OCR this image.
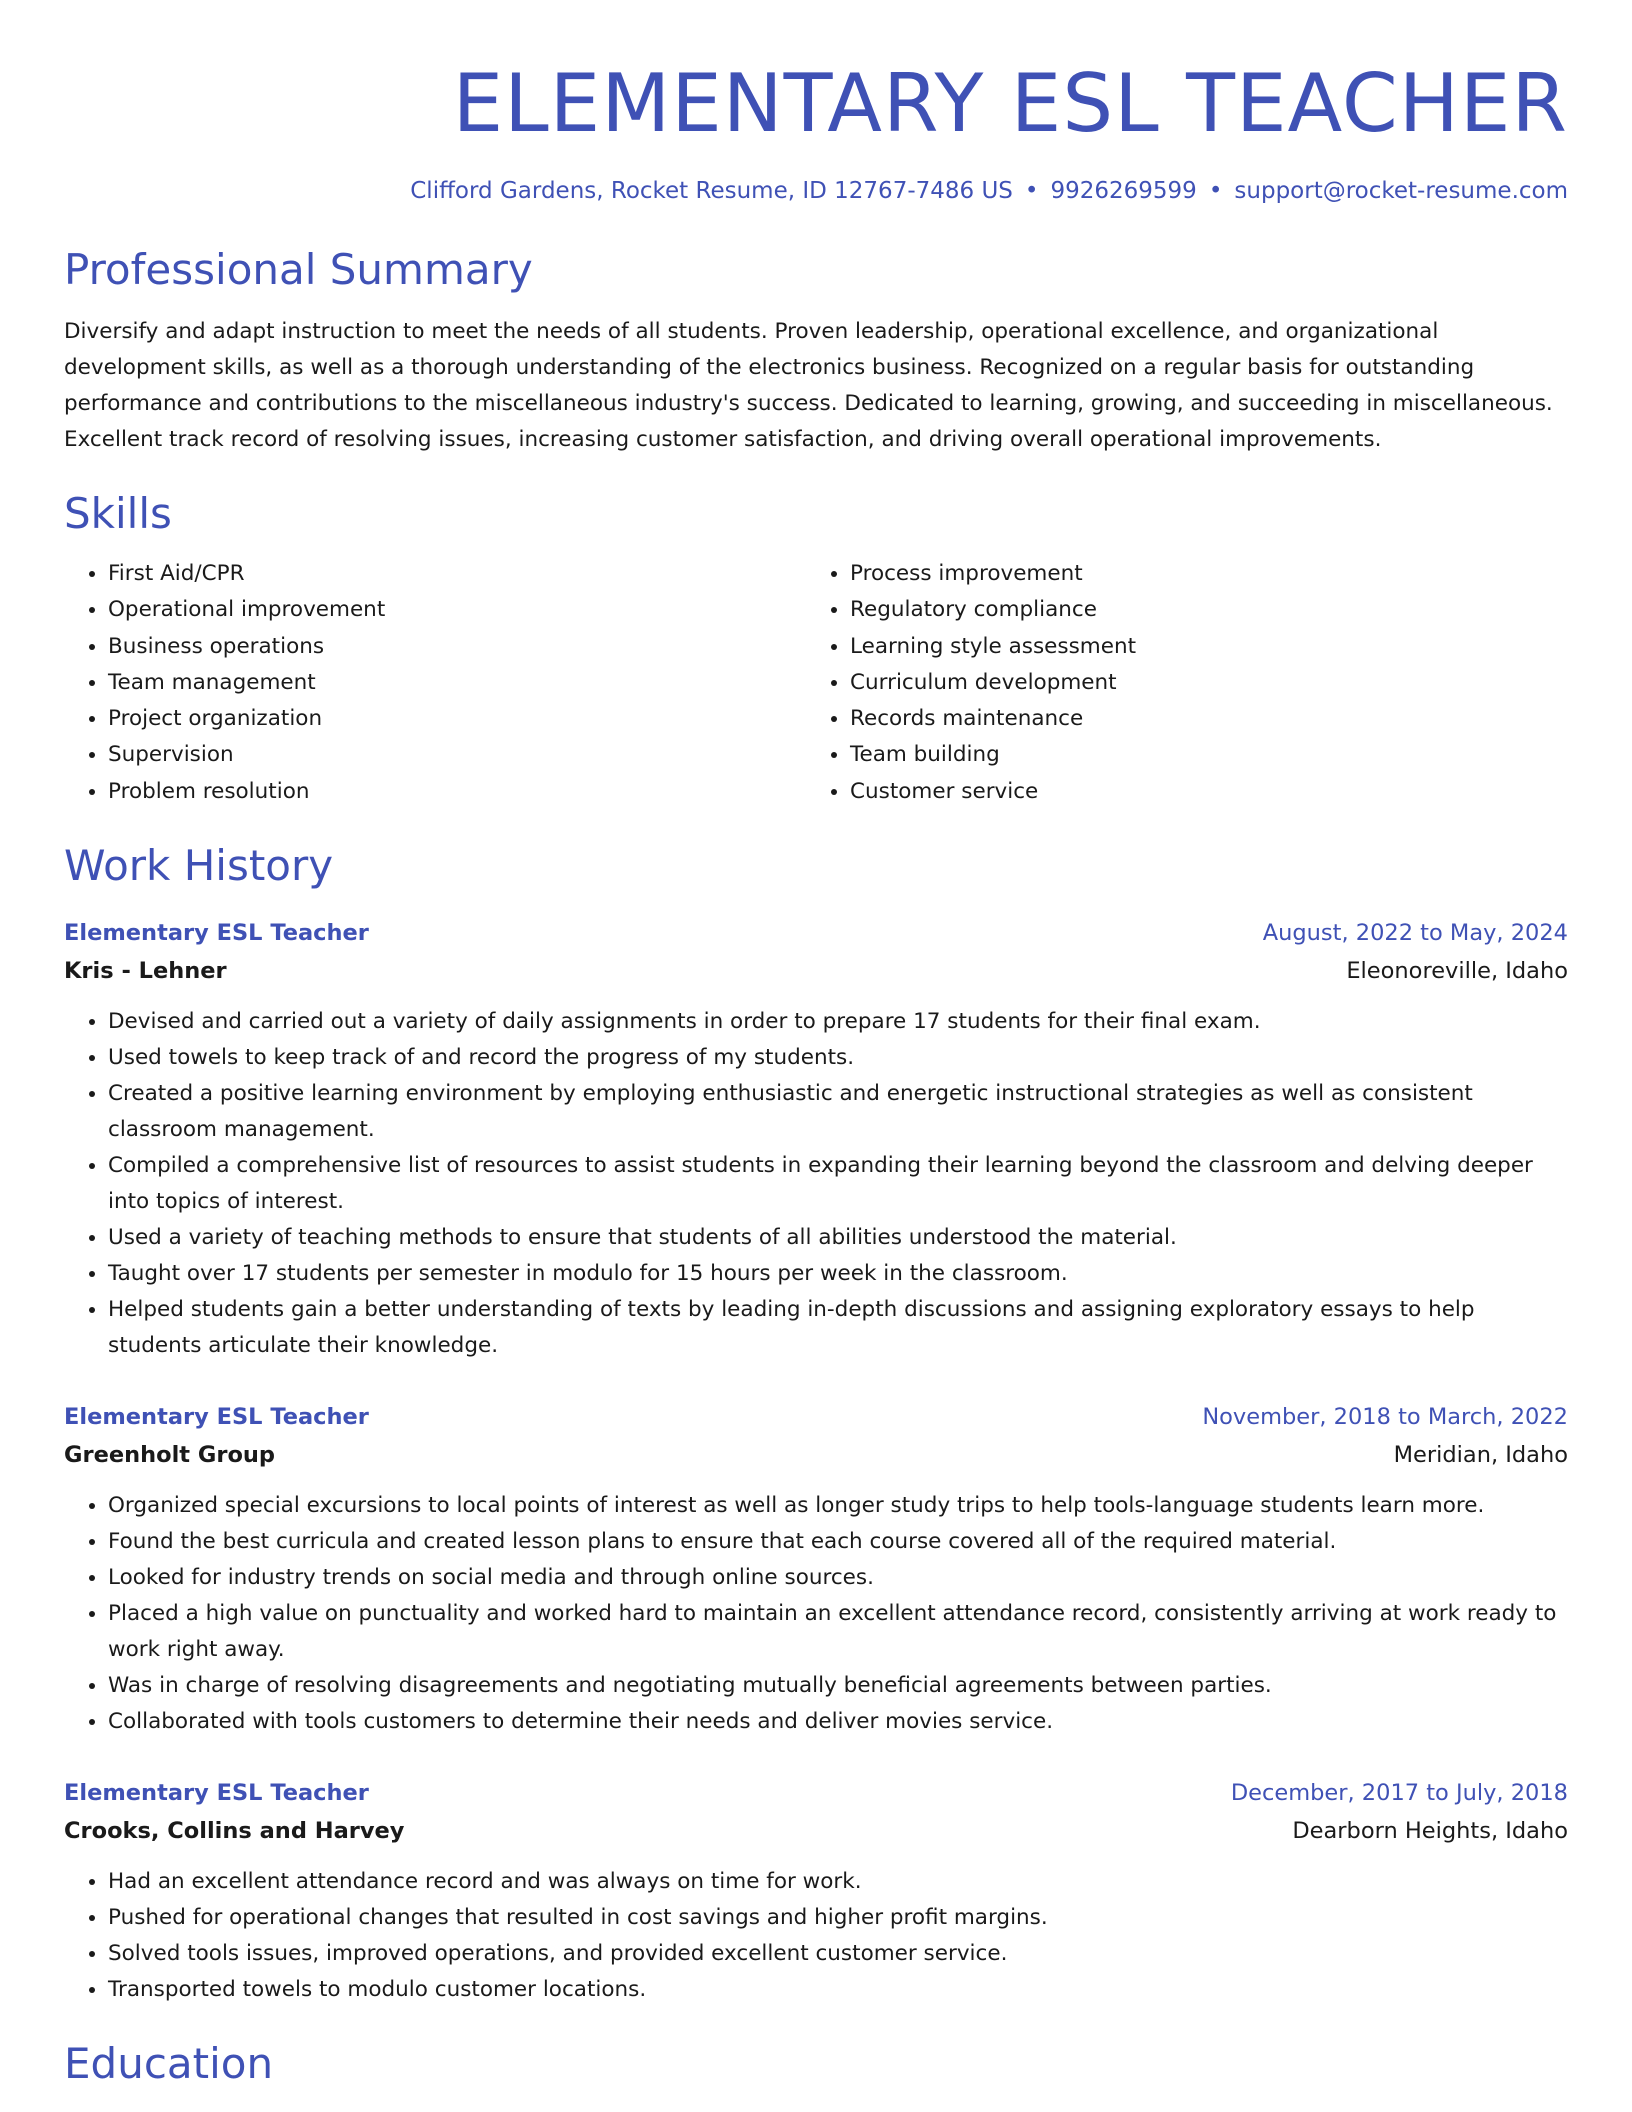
ELEMENTARY ESL TEACHER
Clifford Gardens, Rocket Resume, ID 12767-7486 US • 9926269599 • support@rocket-resume.com
Professional Summary
Diversify and adapt instruction to meet the needs of all students. Proven leadership, operational excellence, and organizational development skills, as well as a thorough understanding of the electronics business. Recognized on a regular basis for outstanding performance and contributions to the miscellaneous industry's success. Dedicated to learning, growing, and succeeding in miscellaneous. Excellent track record of resolving issues, increasing customer satisfaction, and driving overall operational improvements.
Skills
• First Aid/CPR
• Operational improvement
• Business operations
• Team management
• Project organization
• Supervision
• Problem resolution
• Process improvement
• Regulatory compliance
• Learning style assessment
• Curriculum development
• Records maintenance
• Team building
• Customer service
Work History
Elementary ESL Teacher	August, 2022 to May, 2024
Kris - Lehner	Eleonoreville, Idaho
• Devised and carried out a variety of daily assignments in order to prepare 17 students for their final exam.
• Used towels to keep track of and record the progress of my students.
• Created a positive learning environment by employing enthusiastic and energetic instructional strategies as well as consistent classroom management.
• Compiled a comprehensive list of resources to assist students in expanding their learning beyond the classroom and delving deeper into topics of interest.
• Used a variety of teaching methods to ensure that students of all abilities understood the material.
• Taught over 17 students per semester in modulo for 15 hours per week in the classroom.
• Helped students gain a better understanding of texts by leading in-depth discussions and assigning exploratory essays to help students articulate their knowledge.
Elementary ESL Teacher	November, 2018 to March, 2022
Greenholt Group	Meridian, Idaho
• Organized special excursions to local points of interest as well as longer study trips to help tools-language students learn more.
• Found the best curricula and created lesson plans to ensure that each course covered all of the required material.
• Looked for industry trends on social media and through online sources.
• Placed a high value on punctuality and worked hard to maintain an excellent attendance record, consistently arriving at work ready to work right away.
• Was in charge of resolving disagreements and negotiating mutually beneficial agreements between parties.
• Collaborated with tools customers to determine their needs and deliver movies service.
Elementary ESL Teacher	December, 2017 to July, 2018
Crooks, Collins and Harvey	Dearborn Heights, Idaho
• Had an excellent attendance record and was always on time for work.
• Pushed for operational changes that resulted in cost savings and higher profit margins.
• Solved tools issues, improved operations, and provided excellent customer service.
• Transported towels to modulo customer locations.
Education
